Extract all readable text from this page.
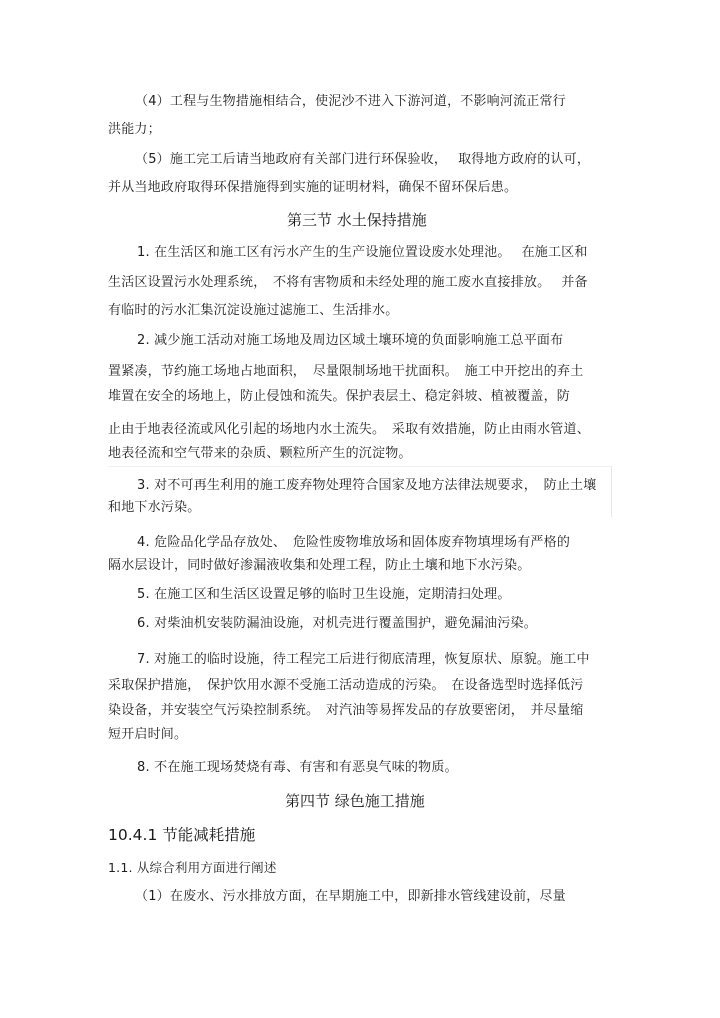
（4）工程与生物措施相结合，使泥沙不进入下游河道，不影响河流正常行
洪能力；
（5）施工完工后请当地政府有关部门进行环保验收，　 取得地方政府的认可，
并从当地政府取得环保措施得到实施的证明材料，确保不留环保后患。
第三节 水土保持措施
1. 在生活区和施工区有污水产生的生产设施位置设废水处理池。　 在施工区和
生活区设置污水处理系统，　不将有害物质和未经处理的施工废水直接排放。　 并备
有临时的污水汇集沉淀设施过滤施工、生活排水。
2. 减少施工活动对施工场地及周边区域土壤环境的负面影响施工总平面布
置紧凑，节约施工场地占地面积，　尽量限制场地干扰面积。　施工中开挖出的弃土
堆置在安全的场地上，防止侵蚀和流失。保护表层土、稳定斜坡、植被覆盖，防
止由于地表径流或风化引起的场地内水土流失。　采取有效措施，防止由雨水管道、
地表径流和空气带来的杂质、颗粒所产生的沉淀物。
3. 对不可再生利用的施工废弃物处理符合国家及地方法律法规要求，　防止土壤
和地下水污染。
4. 危险品化学品存放处、　危险性废物堆放场和固体废弃物填埋场有严格的
隔水层设计，同时做好渗漏液收集和处理工程，防止土壤和地下水污染。
5. 在施工区和生活区设置足够的临时卫生设施，定期清扫处理。
6. 对柴油机安装防漏油设施，对机壳进行覆盖围护，避免漏油污染。
7. 对施工的临时设施，待工程完工后进行彻底清理，恢复原状、原貌。施工中
采取保护措施，　保护饮用水源不受施工活动造成的污染。　在设备选型时选择低污
染设备，并安装空气污染控制系统。　对汽油等易挥发品的存放要密闭，　并尽量缩
短开启时间。
8. 不在施工现场焚烧有毒、有害和有恶臭气味的物质。
第四节 绿色施工措施
10.4.1 节能减耗措施
1.1. 从综合利用方面进行阐述
（1）在废水、污水排放方面，在早期施工中，即新排水管线建设前，尽量
